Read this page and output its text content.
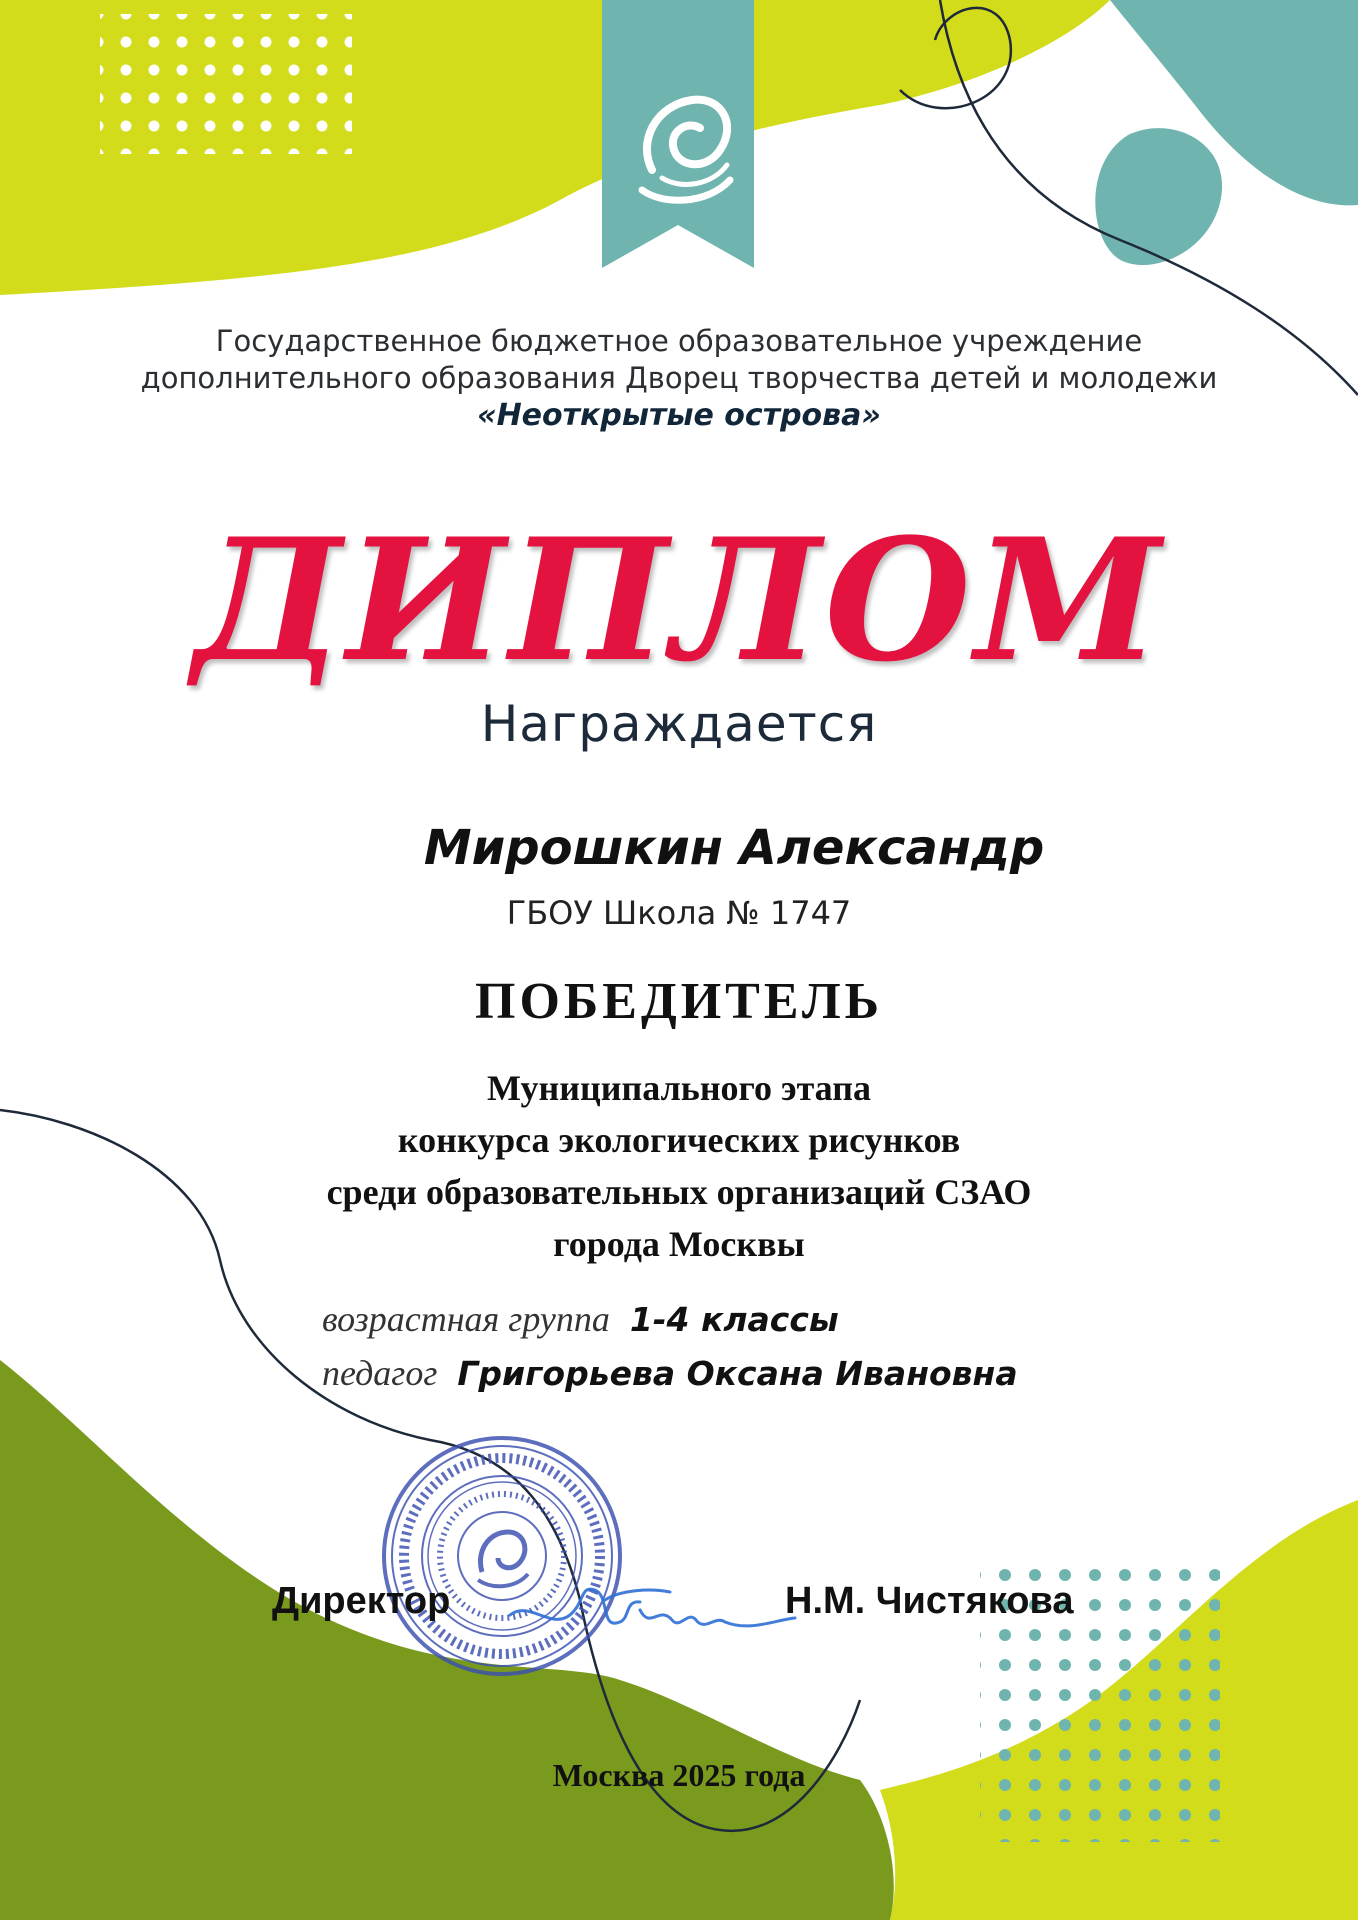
Государственное бюджетное образовательное учреждение

дополнительного образования Дворец творчества детей и молодежи

«Неоткрытые острова»

ДИПЛОМ

Награждается

Мирошкин Александр

ГБОУ Школа № 1747

ПОБЕДИТЕЛЬ

Муниципального этапа
конкурса экологических рисунков
среди образовательных организаций СЗАО
города Москвы
возрастная группа 1-4 классы
педагог Григорьева Оксана Ивановна
Директор	Н.М. Чистякова

Москва 2025 года
